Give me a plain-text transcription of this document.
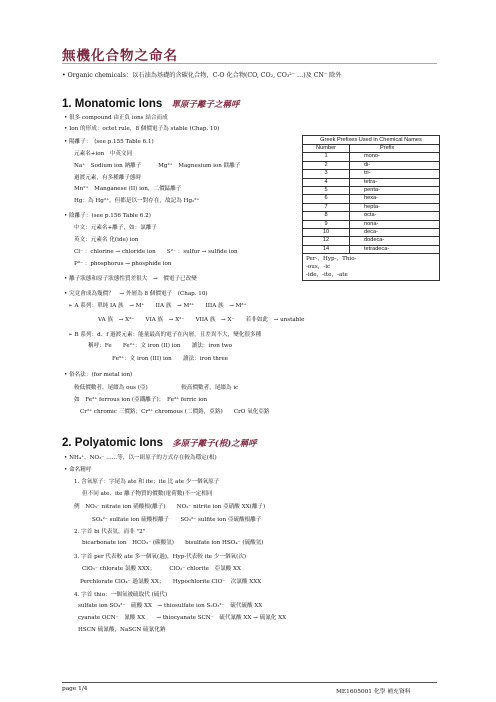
無機化合物之命名
• Organic chemicals：以石油為基礎的含碳化合物，C-O 化合物(CO, CO₂, CO₃²⁻ …)及 CN⁻ 除外
1. Monatomic Ions 單原子離子之稱呼
• 很多 compound 由正負 ions 結合而成
• Ion 的形成：octet rule，8 個價電子為 stable (Chap. 10)
• 陽離子：　(see p.155 Table 6.1)
元素名+ion　中英文同
Na⁺　Sodium ion 鈉離子　　　Mg²⁺　Magnesium ion 鎂離子
過渡元素，有多種離子態時
Mn²⁺　Manganese (II) ion，二價錳離子
Hg：為 Hg²⁺，但都是以一對存在，故記為 Hg₂²⁺
• 陰離子：(see p.156 Table 6.2)
中文：元素名+離子，如：氯離子
英文：元素名 化(ide) ion
Cl⁻ ：chlorine → chloride ion　　S²⁻ ：sulfur → sulfide ion
P³⁻ ：phosphorus → phosphide ion
• 離子狀態和原子狀態性質差很大　→　價電子已改變
• 究竟會成為幾價？　→ 外層為 8 個價電子　(Chap. 10)
➢ A 系列：單純 IA 族　→ M⁺　　IIA 族　→ M²⁺　　IIIA 族　→ M³⁺
VA 族　→ X³⁻　　VIA 族　→ X²⁻　　VIIA 族　→ X⁻　　若非如此　→ unstable
➢ B 系列：d、f 過渡元素：能量最高的電子在內層，且差異不大，變化很多種
稱呼：Fe　　Fe²⁺：文 iron (II) ion　　讀法：iron two
Fe³⁺：文 iron (III) ion　　讀法：iron three
• 俗名法：(for metal ion)
較低價數者，尾綴為 ous (亞)　　　　　　較高價數者，尾綴為 ic
如　Fe²⁺ ferrous ion (亞鐵離子)；　Fe³⁺ ferric ion
Cr²⁺ chromic 三價鉻；Cr³⁺ chromous (二價鉻，亞鉻)　　CrO 氧化亞鉻
Greek Prefixes Used in Chemical Names
Number	Prefix
1	mono-
2	di-
3	tri-
4	tetra-
5	penta-
6	hexa-
7	hepta-
8	octa-
9	nona-
10	deca-
12	dodeca-
14	tetradeca-
Per-，Hyp-，Thio-
-ous，-ic
-ide，-ite，-ate
2. Polyatomic Ions 多原子離子(根)之稱呼
• NH₄⁺、NO₃⁻ ……等，以一組原子的方式存在較為穩定(根)
• 命名精呼
1. 含氧原子：字尾為 ate 和 ite；ite 比 ate 少一個氧原子
但不同 ate、ite 離子物質的價數(電荷數)不一定相同
例　NO₃⁻ nitrate ion 硝酸根(離子)　　NO₂⁻ nitrite ion 亞硝酸 XX(離子)
SO₄²⁻ sulfate ion 硫酸根離子　　SO₃²⁻ sulfite ion 亞硫酸根離子
2. 字首 bi 代表氫，而非 "2"
bicarbonate ion　HCO₃⁻ (碳酸氫)　　bisulfate ion HSO₄⁻ (硫酸氫)
3. 字首 per 代表較 ate 多一個氧(過)，Hyp-代表較 ite 少一個氧(次)
ClO₃⁻ chlorate 氯酸 XXX；　　　ClO₂⁻ chlorite　亞氯酸 XX
Perchlorate ClO₄⁻ 過氯酸 XX；　　Hypochlorite ClO⁻　次氯酸 XXX
4. 字首 thio：一個氧被硫取代 (硫代)
sulfate ion SO₄²⁻　硫酸 XX　→ thiosulfate ion S₂O₃²⁻　硫代硫酸 XX
cyanate OCN⁻　氰酸 XX　　→ thiocyanate SCN⁻　硫代氰酸 XX → 硫氰化 XX
HSCN 硫氰酸，NaSCN 硫氰化鈉
page 1/4	ME1605001 化學 補充資料
